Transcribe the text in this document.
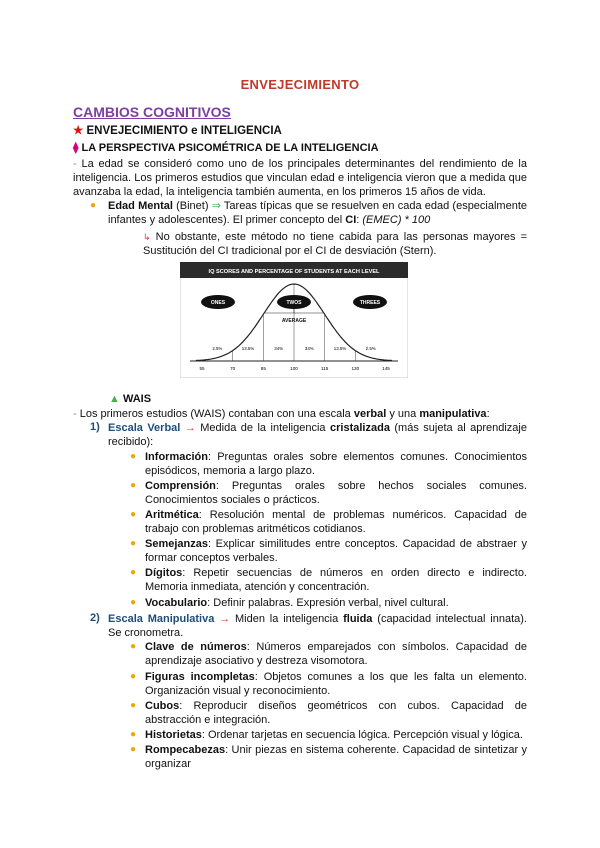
ENVEJECIMIENTO
CAMBIOS COGNITIVOS
★ ENVEJECIMIENTO e INTELIGENCIA
⧫ LA PERSPECTIVA PSICOMÉTRICA DE LA INTELIGENCIA

- La edad se consideró como uno de los principales determinantes del rendimiento de la inteligencia. Los primeros estudios que vinculan edad e inteligencia vieron que a medida que avanzaba la edad, la inteligencia también aumenta, en los primeros 15 años de vida.

● Edad Mental (Binet) ⇒ Tareas típicas que se resuelven en cada edad (especialmente infantes y adolescentes). El primer concepto del CI: (EMEC) * 100

↳ No obstante, este método no tiene cabida para las personas mayores = Sustitución del CI tradicional por el CI de desviación (Stern).

IQ SCORES AND PERCENTAGE OF STUDENTS AT EACH LEVEL
2.5%	13.5%	34%	34%	13.5%	2.5%
55	70	85	100	115	130	145
ONES	TWOS	THREES
AVERAGE
▲ WAIS

- Los primeros estudios (WAIS) contaban con una escala verbal y una manipulativa:

1) Escala Verbal → Medida de la inteligencia cristalizada (más sujeta al aprendizaje recibido):

● Información: Preguntas orales sobre elementos comunes. Conocimientos episódicos, memoria a largo plazo.

● Comprensión: Preguntas orales sobre hechos sociales comunes. Conocimientos sociales o prácticos.

● Aritmética: Resolución mental de problemas numéricos. Capacidad de trabajo con problemas aritméticos cotidianos.

● Semejanzas: Explicar similitudes entre conceptos. Capacidad de abstraer y formar conceptos verbales.

● Dígitos: Repetir secuencias de números en orden directo e indirecto. Memoria inmediata, atención y concentración.

● Vocabulario: Definir palabras. Expresión verbal, nivel cultural.

2) Escala Manipulativa → Miden la inteligencia fluida (capacidad intelectual innata). Se cronometra.

● Clave de números: Números emparejados con símbolos. Capacidad de aprendizaje asociativo y destreza visomotora.

● Figuras incompletas: Objetos comunes a los que les falta un elemento. Organización visual y reconocimiento.

● Cubos: Reproducir diseños geométricos con cubos. Capacidad de abstracción e integración.

● Historietas: Ordenar tarjetas en secuencia lógica. Percepción visual y lógica.

● Rompecabezas: Unir piezas en sistema coherente. Capacidad de sintetizar y organizar
